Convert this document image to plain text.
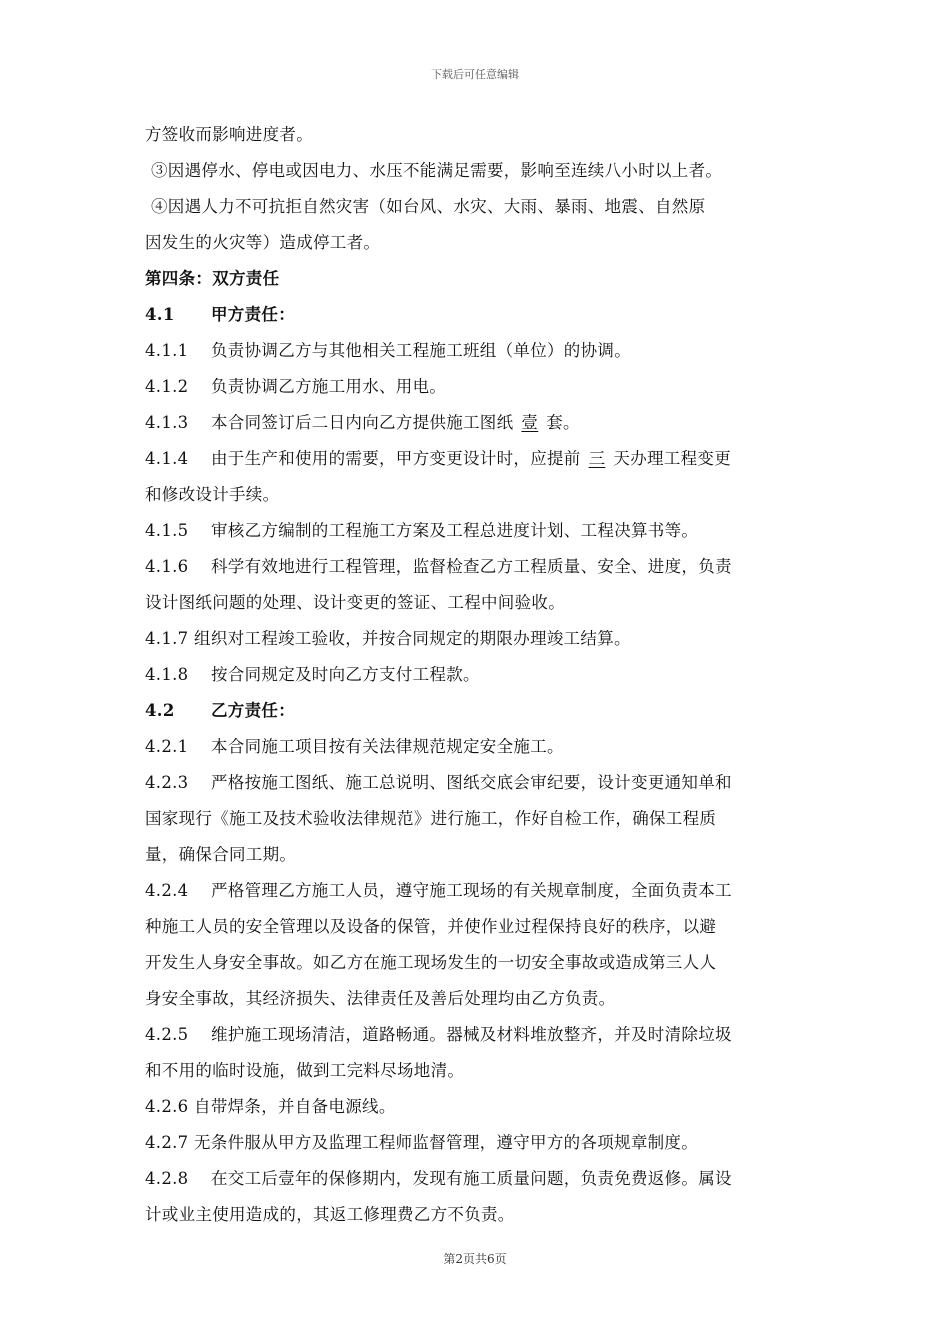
下载后可任意编辑
方签收而影响进度者。
③因遇停水、停电或因电力、水压不能满足需要，影响至连续八小时以上者。
④因遇人力不可抗拒自然灾害（如台风、水灾、大雨、暴雨、地震、自然原
因发生的火灾等）造成停工者。
第四条：双方责任
4.1 甲方责任：
4.1.1 负责协调乙方与其他相关工程施工班组（单位）的协调。
4.1.2 负责协调乙方施工用水、用电。
4.1.3 本合同签订后二日内向乙方提供施工图纸 壹 套。
4.1.4 由于生产和使用的需要，甲方变更设计时，应提前 三 天办理工程变更
和修改设计手续。
4.1.5 审核乙方编制的工程施工方案及工程总进度计划、工程决算书等。
4.1.6 科学有效地进行工程管理，监督检查乙方工程质量、安全、进度，负责
设计图纸问题的处理、设计变更的签证、工程中间验收。
4.1.7 组织对工程竣工验收，并按合同规定的期限办理竣工结算。
4.1.8 按合同规定及时向乙方支付工程款。
4.2 乙方责任：
4.2.1 本合同施工项目按有关法律规范规定安全施工。
4.2.3 严格按施工图纸、施工总说明、图纸交底会审纪要，设计变更通知单和
国家现行《施工及技术验收法律规范》进行施工，作好自检工作，确保工程质
量，确保合同工期。
4.2.4 严格管理乙方施工人员，遵守施工现场的有关规章制度，全面负责本工
种施工人员的安全管理以及设备的保管，并使作业过程保持良好的秩序，以避
开发生人身安全事故。如乙方在施工现场发生的一切安全事故或造成第三人人
身安全事故，其经济损失、法律责任及善后处理均由乙方负责。
4.2.5 维护施工现场清洁，道路畅通。器械及材料堆放整齐，并及时清除垃圾
和不用的临时设施，做到工完料尽场地清。
4.2.6 自带焊条，并自备电源线。
4.2.7 无条件服从甲方及监理工程师监督管理，遵守甲方的各项规章制度。
4.2.8 在交工后壹年的保修期内，发现有施工质量问题，负责免费返修。属设
计或业主使用造成的，其返工修理费乙方不负责。
第2页共6页
